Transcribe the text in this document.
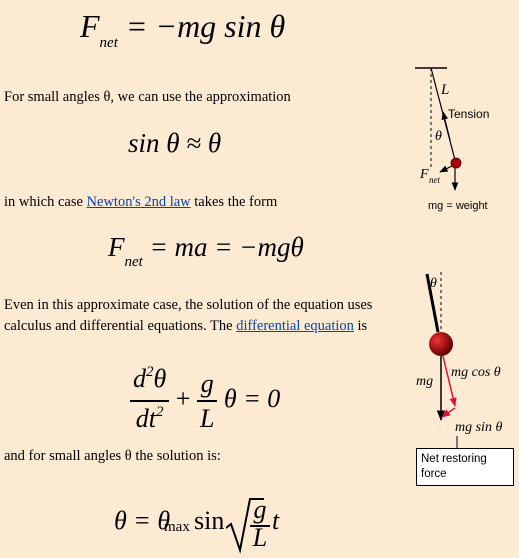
$F_{net} = -mg$ sin θ
For small angles θ, we can use the approximation
sin θ ≈ θ
in which case Newton's 2nd law takes the form
$F_{net}$ = ma = −mgθ
Even in this approximate case, the solution of the equation uses calculus and differential equations. The differential equation is
$\frac{d^2\theta}{dt^2} + \frac{g}{L}$ θ = 0
and for small angles θ the solution is:
θ = θ
max sin g
L
t
L
Tension
θ
F net
mg = weight
θ
mg
mg cos θ
mg sin θ
Net restoring force
